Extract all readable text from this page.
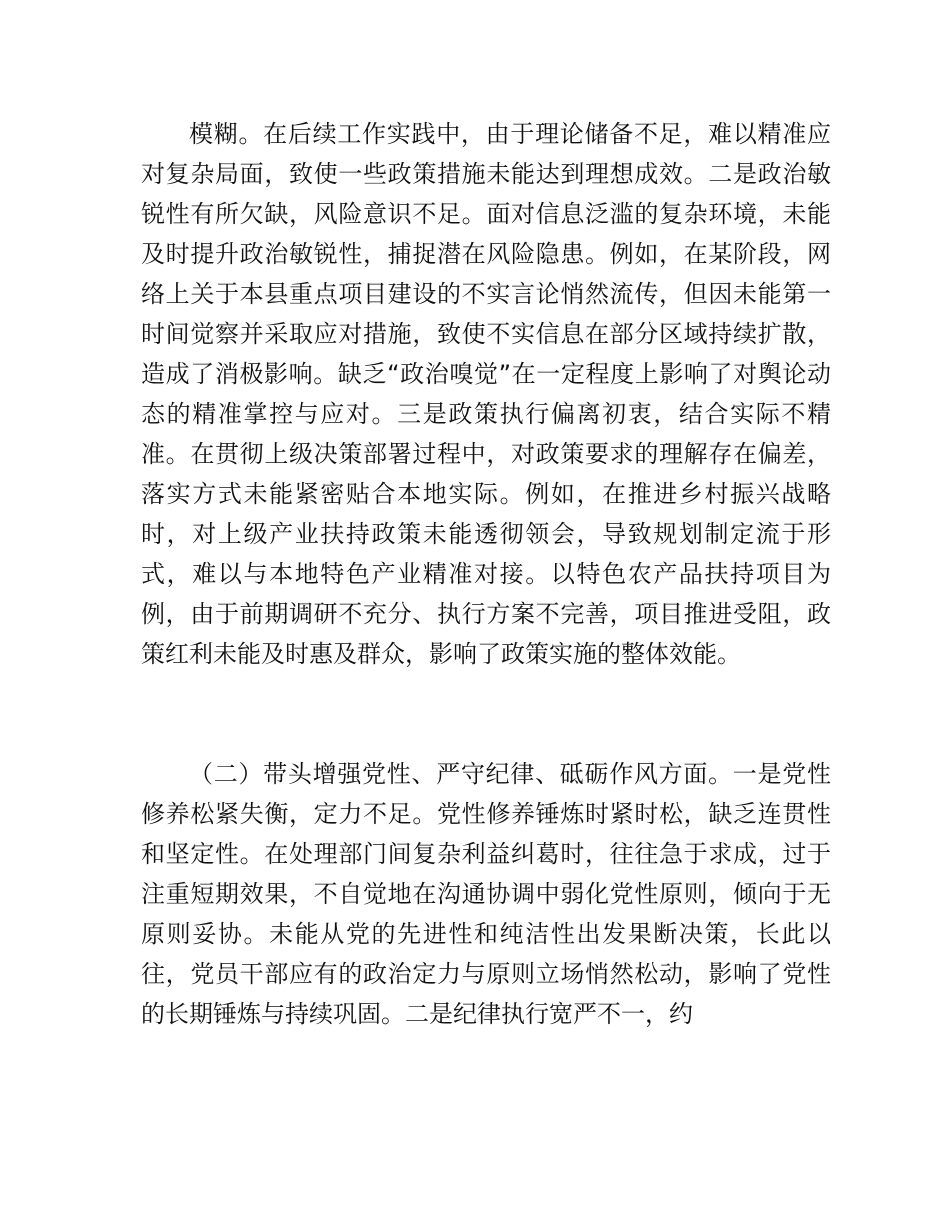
模糊。在后续工作实践中，由于理论储备不足，难以精准应对复杂局面，致使一些政策措施未能达到理想成效。二是政治敏锐性有所欠缺，风险意识不足。面对信息泛滥的复杂环境，未能及时提升政治敏锐性，捕捉潜在风险隐患。例如，在某阶段，网络上关于本县重点项目建设的不实言论悄然流传，但因未能第一时间觉察并采取应对措施，致使不实信息在部分区域持续扩散，造成了消极影响。缺乏“政治嗅觉”在一定程度上影响了对舆论动态的精准掌控与应对。三是政策执行偏离初衷，结合实际不精准。在贯彻上级决策部署过程中，对政策要求的理解存在偏差，落实方式未能紧密贴合本地实际。例如，在推进乡村振兴战略时，对上级产业扶持政策未能透彻领会，导致规划制定流于形式，难以与本地特色产业精准对接。以特色农产品扶持项目为例，由于前期调研不充分、执行方案不完善，项目推进受阻，政策红利未能及时惠及群众，影响了政策实施的整体效能。

（二）带头增强党性、严守纪律、砥砺作风方面。一是党性修养松紧失衡，定力不足。党性修养锤炼时紧时松，缺乏连贯性和坚定性。在处理部门间复杂利益纠葛时，往往急于求成，过于注重短期效果，不自觉地在沟通协调中弱化党性原则，倾向于无原则妥协。未能从党的先进性和纯洁性出发果断决策，长此以往，党员干部应有的政治定力与原则立场悄然松动，影响了党性的长期锤炼与持续巩固。二是纪律执行宽严不一，约
